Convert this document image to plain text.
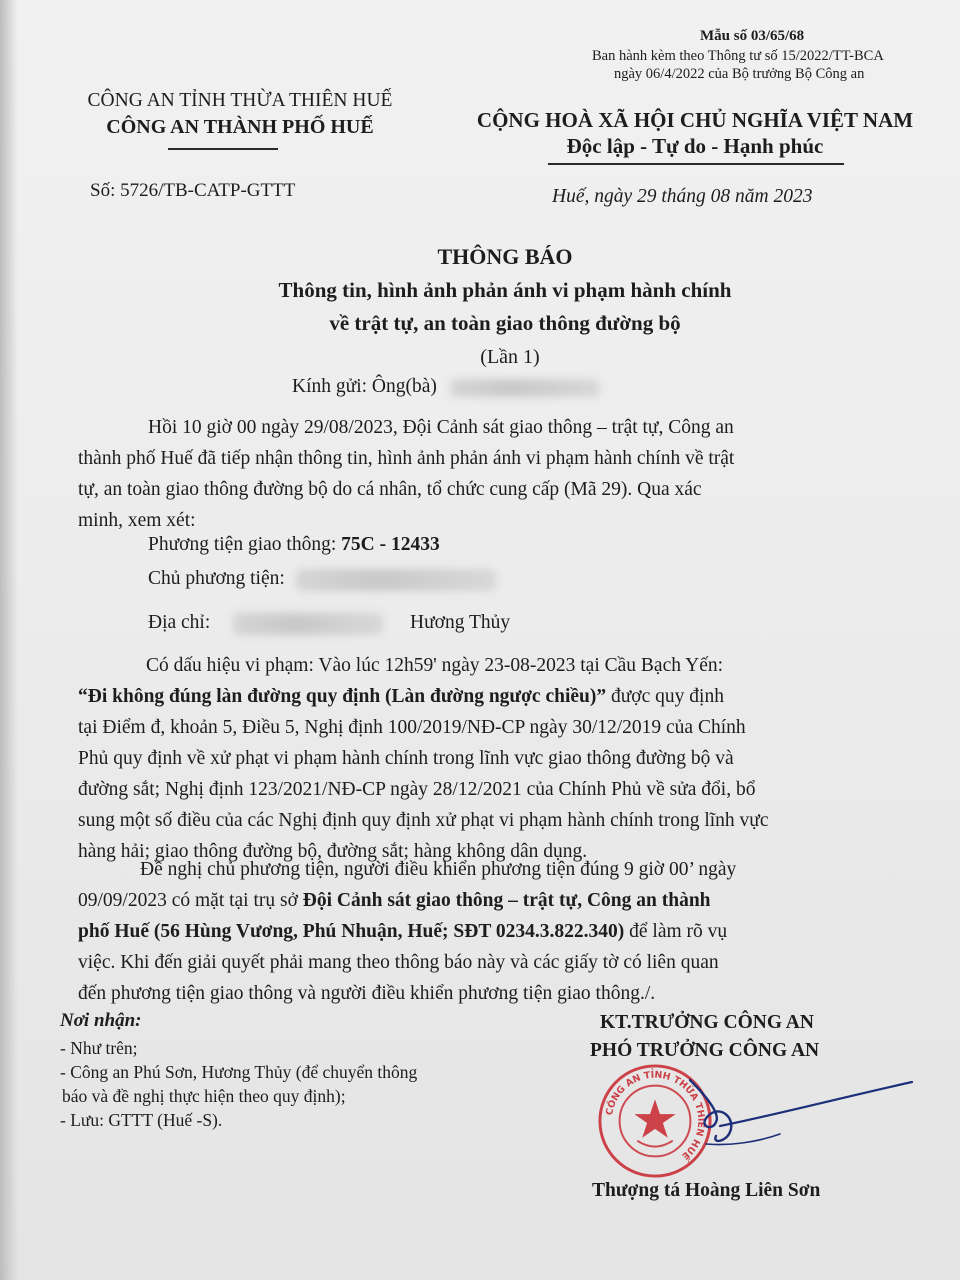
Mẫu số 03/65/68
Ban hành kèm theo Thông tư số 15/2022/TT-BCA
ngày 06/4/2022 của Bộ trưởng Bộ Công an
CÔNG AN TỈNH THỪA THIÊN HUẾ
CÔNG AN THÀNH PHỐ HUẾ	CỘNG HOÀ XÃ HỘI CHỦ NGHĨA VIỆT NAM
Độc lập - Tự do - Hạnh phúc
Số: 5726/TB-CATP-GTTT	Huế, ngày 29 tháng 08 năm 2023
THÔNG BÁO
Thông tin, hình ảnh phản ánh vi phạm hành chính
về trật tự, an toàn giao thông đường bộ
(Lần 1)
Kính gửi: Ông(bà)
Hồi 10 giờ 00 ngày 29/08/2023, Đội Cảnh sát giao thông – trật tự, Công an
thành phố Huế đã tiếp nhận thông tin, hình ảnh phản ánh vi phạm hành chính về trật
tự, an toàn giao thông đường bộ do cá nhân, tổ chức cung cấp (Mã 29). Qua xác
minh, xem xét:
Phương tiện giao thông: 75C - 12433
Chủ phương tiện:
Địa chỉ:	Hương Thủy
Có dấu hiệu vi phạm: Vào lúc 12h59' ngày 23-08-2023 tại Cầu Bạch Yến:
“Đi không đúng làn đường quy định (Làn đường ngược chiều)” được quy định
tại Điểm đ, khoản 5, Điều 5, Nghị định 100/2019/NĐ-CP ngày 30/12/2019 của Chính
Phủ quy định về xử phạt vi phạm hành chính trong lĩnh vực giao thông đường bộ và
đường sắt; Nghị định 123/2021/NĐ-CP ngày 28/12/2021 của Chính Phủ về sửa đổi, bổ
sung một số điều của các Nghị định quy định xử phạt vi phạm hành chính trong lĩnh vực
hàng hải; giao thông đường bộ, đường sắt; hàng không dân dụng.
Đề nghị chủ phương tiện, người điều khiển phương tiện đúng 9 giờ 00’ ngày
09/09/2023 có mặt tại trụ sở Đội Cảnh sát giao thông – trật tự, Công an thành
phố Huế (56 Hùng Vương, Phú Nhuận, Huế; SĐT 0234.3.822.340) để làm rõ vụ
việc. Khi đến giải quyết phải mang theo thông báo này và các giấy tờ có liên quan
đến phương tiện giao thông và người điều khiển phương tiện giao thông./.
Nơi nhận:
- Như trên;
- Công an Phú Sơn, Hương Thủy (để chuyển thông
báo và đề nghị thực hiện theo quy định);
- Lưu: GTTT (Huế -S).
KT.TRƯỞNG CÔNG AN
PHÓ TRƯỞNG CÔNG AN
CÔNG AN TỈNH THỪA THIÊN HUẾ
Thượng tá Hoàng Liên Sơn
